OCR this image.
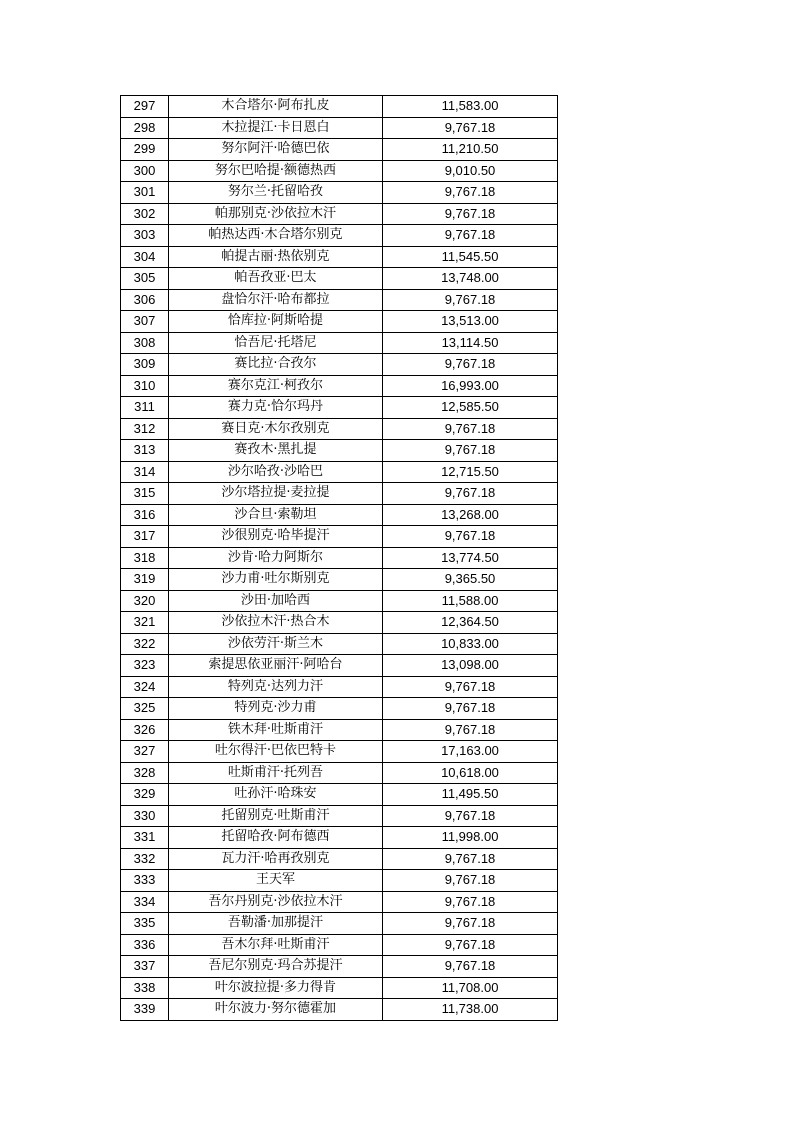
297	木合塔尔·阿布扎皮	11,583.00
298	木拉提江·卡日恩白	9,767.18
299	努尔阿汗·哈德巴依	11,210.50
300	努尔巴哈提·额德热西	9,010.50
301	努尔兰·托留哈孜	9,767.18
302	帕那别克·沙依拉木汗	9,767.18
303	帕热达西·木合塔尔别克	9,767.18
304	帕提古丽·热依别克	11,545.50
305	帕吾孜亚·巴太	13,748.00
306	盘恰尔汗·哈布都拉	9,767.18
307	恰库拉·阿斯哈提	13,513.00
308	恰吾尼·托塔尼	13,114.50
309	赛比拉·合孜尔	9,767.18
310	赛尔克江·柯孜尔	16,993.00
311	赛力克·恰尔玛丹	12,585.50
312	赛日克·木尔孜别克	9,767.18
313	赛孜木·黑扎提	9,767.18
314	沙尔哈孜·沙哈巴	12,715.50
315	沙尔塔拉提·麦拉提	9,767.18
316	沙合旦·索勒坦	13,268.00
317	沙很别克·哈毕提汗	9,767.18
318	沙肯·哈力阿斯尔	13,774.50
319	沙力甫·吐尔斯别克	9,365.50
320	沙田·加哈西	11,588.00
321	沙依拉木汗·热合木	12,364.50
322	沙依劳汗·斯兰木	10,833.00
323	索提思依亚丽汗·阿哈台	13,098.00
324	特列克·达列力汗	9,767.18
325	特列克·沙力甫	9,767.18
326	铁木拜·吐斯甫汗	9,767.18
327	吐尔得汗·巴依巴特卡	17,163.00
328	吐斯甫汗·托列吾	10,618.00
329	吐孙汗·哈珠安	11,495.50
330	托留别克·吐斯甫汗	9,767.18
331	托留哈孜·阿布德西	11,998.00
332	瓦力汗·哈再孜别克	9,767.18
333	王天军	9,767.18
334	吾尔丹别克·沙依拉木汗	9,767.18
335	吾勒潘·加那提汗	9,767.18
336	吾木尔拜·吐斯甫汗	9,767.18
337	吾尼尔别克·玛合苏提汗	9,767.18
338	叶尔波拉提·多力得肯	11,708.00
339	叶尔波力·努尔德霍加	11,738.00
